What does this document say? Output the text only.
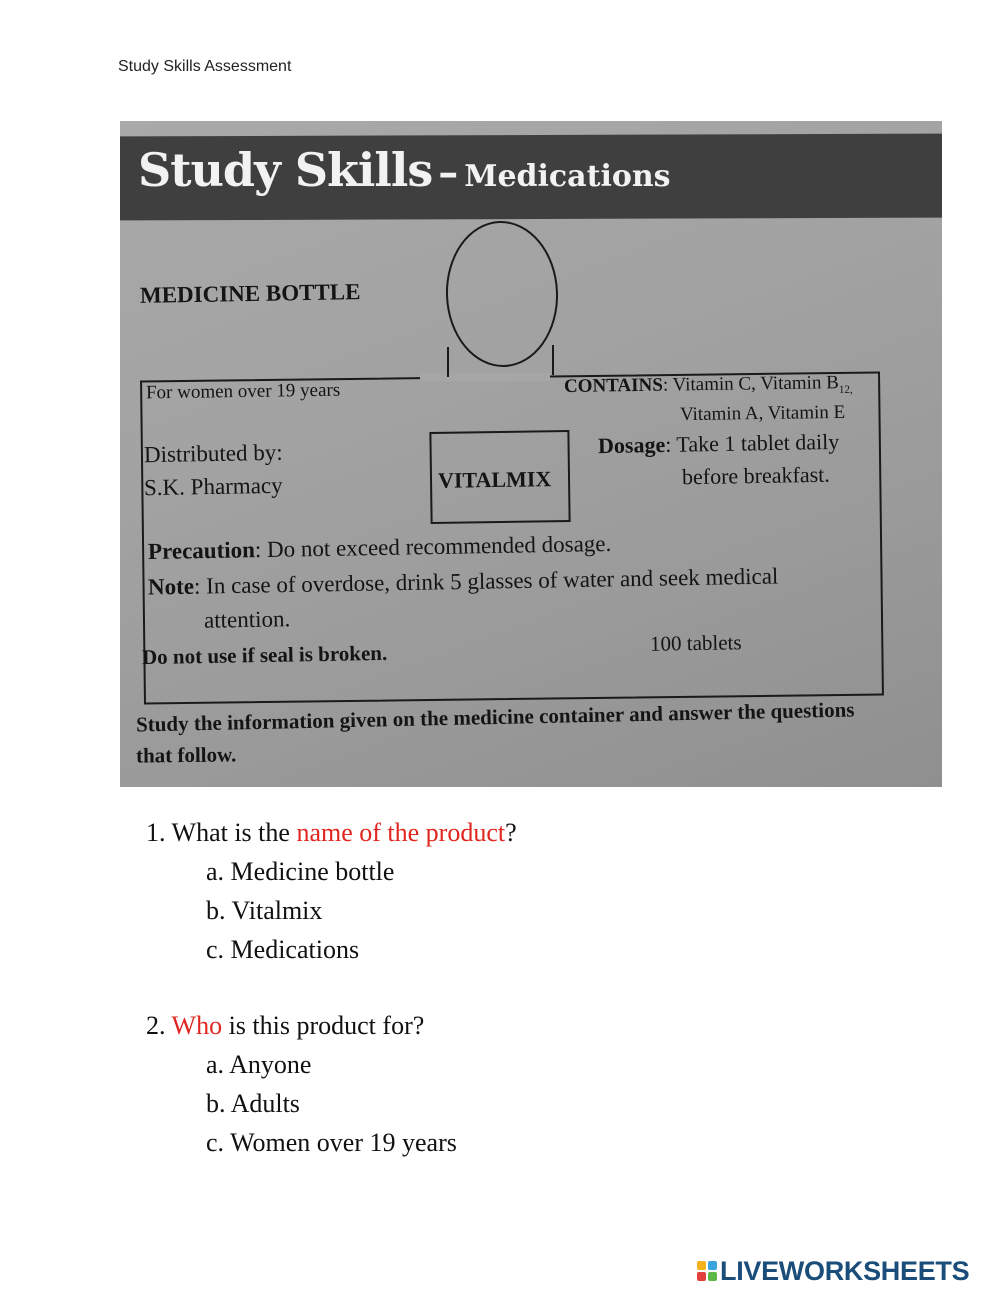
Study Skills Assessment
Study Skills – Medications
MEDICINE BOTTLE
For women over 19 years	CONTAINS: Vitamin C, Vitamin $B_{12,}$
Vitamin A, Vitamin E
Distributed by:
S.K. Pharmacy	VITALMIX
Dosage: Take 1 tablet daily
before breakfast.
Precaution: Do not exceed recommended dosage.
Note: In case of overdose, drink 5 glasses of water and seek medical
attention.
Do not use if seal is broken.	100 tablets
Study the information given on the medicine container and answer the questions
that follow.
1. What is the name of the product?
a. Medicine bottle
b. Vitalmix
c. Medications
2. Who is this product for?
a. Anyone
b. Adults
c. Women over 19 years
LIVEWORKSHEETS
